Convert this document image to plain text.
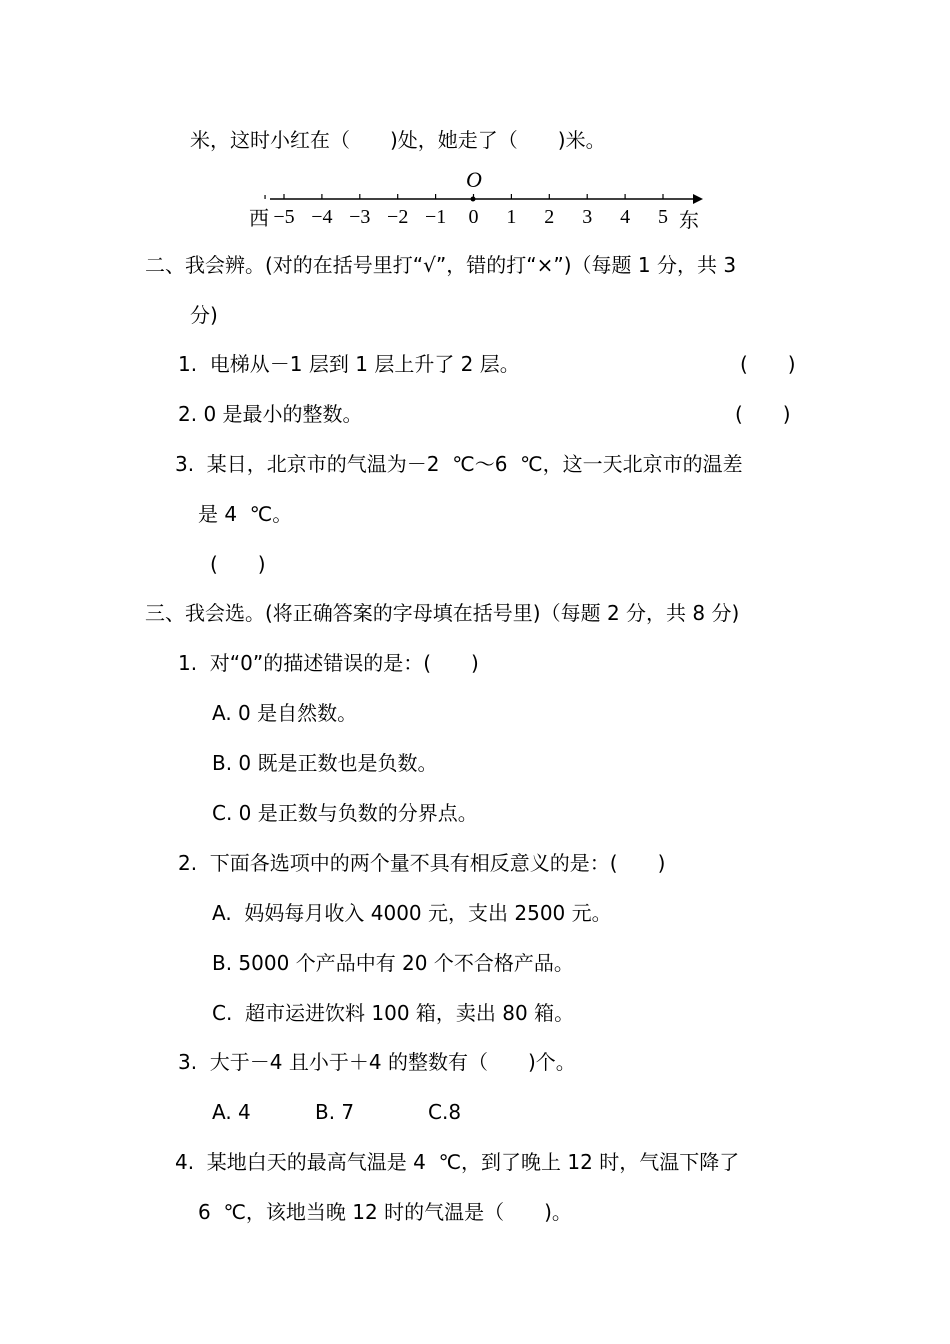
米，这时小红在（　　)处，她走了（　　)米。
O
−5 −4 −3 −2 −1 0 1 2 3 4 5
西	东
二、我会辨。(对的在括号里打“√”，错的打“×”)（每题 1 分，共 3
分)
1.  电梯从－1 层到 1 层上升了 2 层。	(　　)
2. 0 是最小的整数。	(　　)
3.  某日，北京市的气温为－2  ℃～6  ℃，这一天北京市的温差
是 4  ℃。
(　　)
三、我会选。(将正确答案的字母填在括号里)（每题 2 分，共 8 分)
1.  对“0”的描述错误的是：(　　)
A. 0 是自然数。
B. 0 既是正数也是负数。
C. 0 是正数与负数的分界点。
2.  下面各选项中的两个量不具有相反意义的是：(　　)
A.  妈妈每月收入 4000 元，支出 2500 元。
B. 5000 个产品中有 20 个不合格产品。
C.  超市运进饮料 100 箱，卖出 80 箱。
3.  大于－4 且小于＋4 的整数有（　　)个。
A. 4	B. 7	C.8
4.  某地白天的最高气温是 4  ℃，到了晚上 12 时，气温下降了
6  ℃，该地当晚 12 时的气温是（　　)。
